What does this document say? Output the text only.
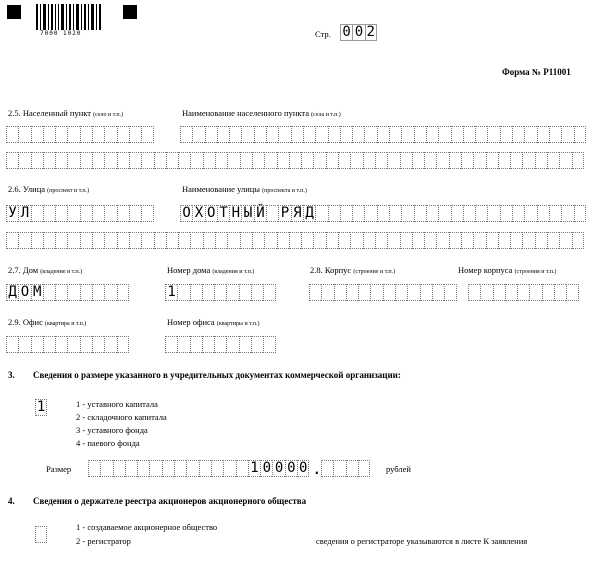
7000 1020	Стр. 0 0 2
Форма № Р11001
2.5. Населенный пункт (село и т.п.)	Наименование населенного пункта (села и т.п.)
2.6. Улица (проспект и т.п.)	Наименование улицы (проспекта и т.п.)
У Л	О Х О Т Н Ы Й Р Я Д
2.7. Дом (владение и т.п.)	Номер дома (владения и т.п.)	2.8. Корпус (строение и т.п.)	Номер корпуса (строения и т.п.)
Д О М	1
2.9. Офис (квартира и т.п.)	Номер офиса (квартиры и т.п.)
3. Сведения о размере указанного в учредительных документах коммерческой организации:
1	1 - уставного капитала
2 - складочного капитала
3 - уставного фонда
4 - паевого фонда
Размер	1 0 0 0 0 .	рублей
4. Сведения о держателе реестра акционеров акционерного общества
1 - создаваемое акционерное общество
2 - регистратор	сведения о регистраторе указываются в листе К заявления
